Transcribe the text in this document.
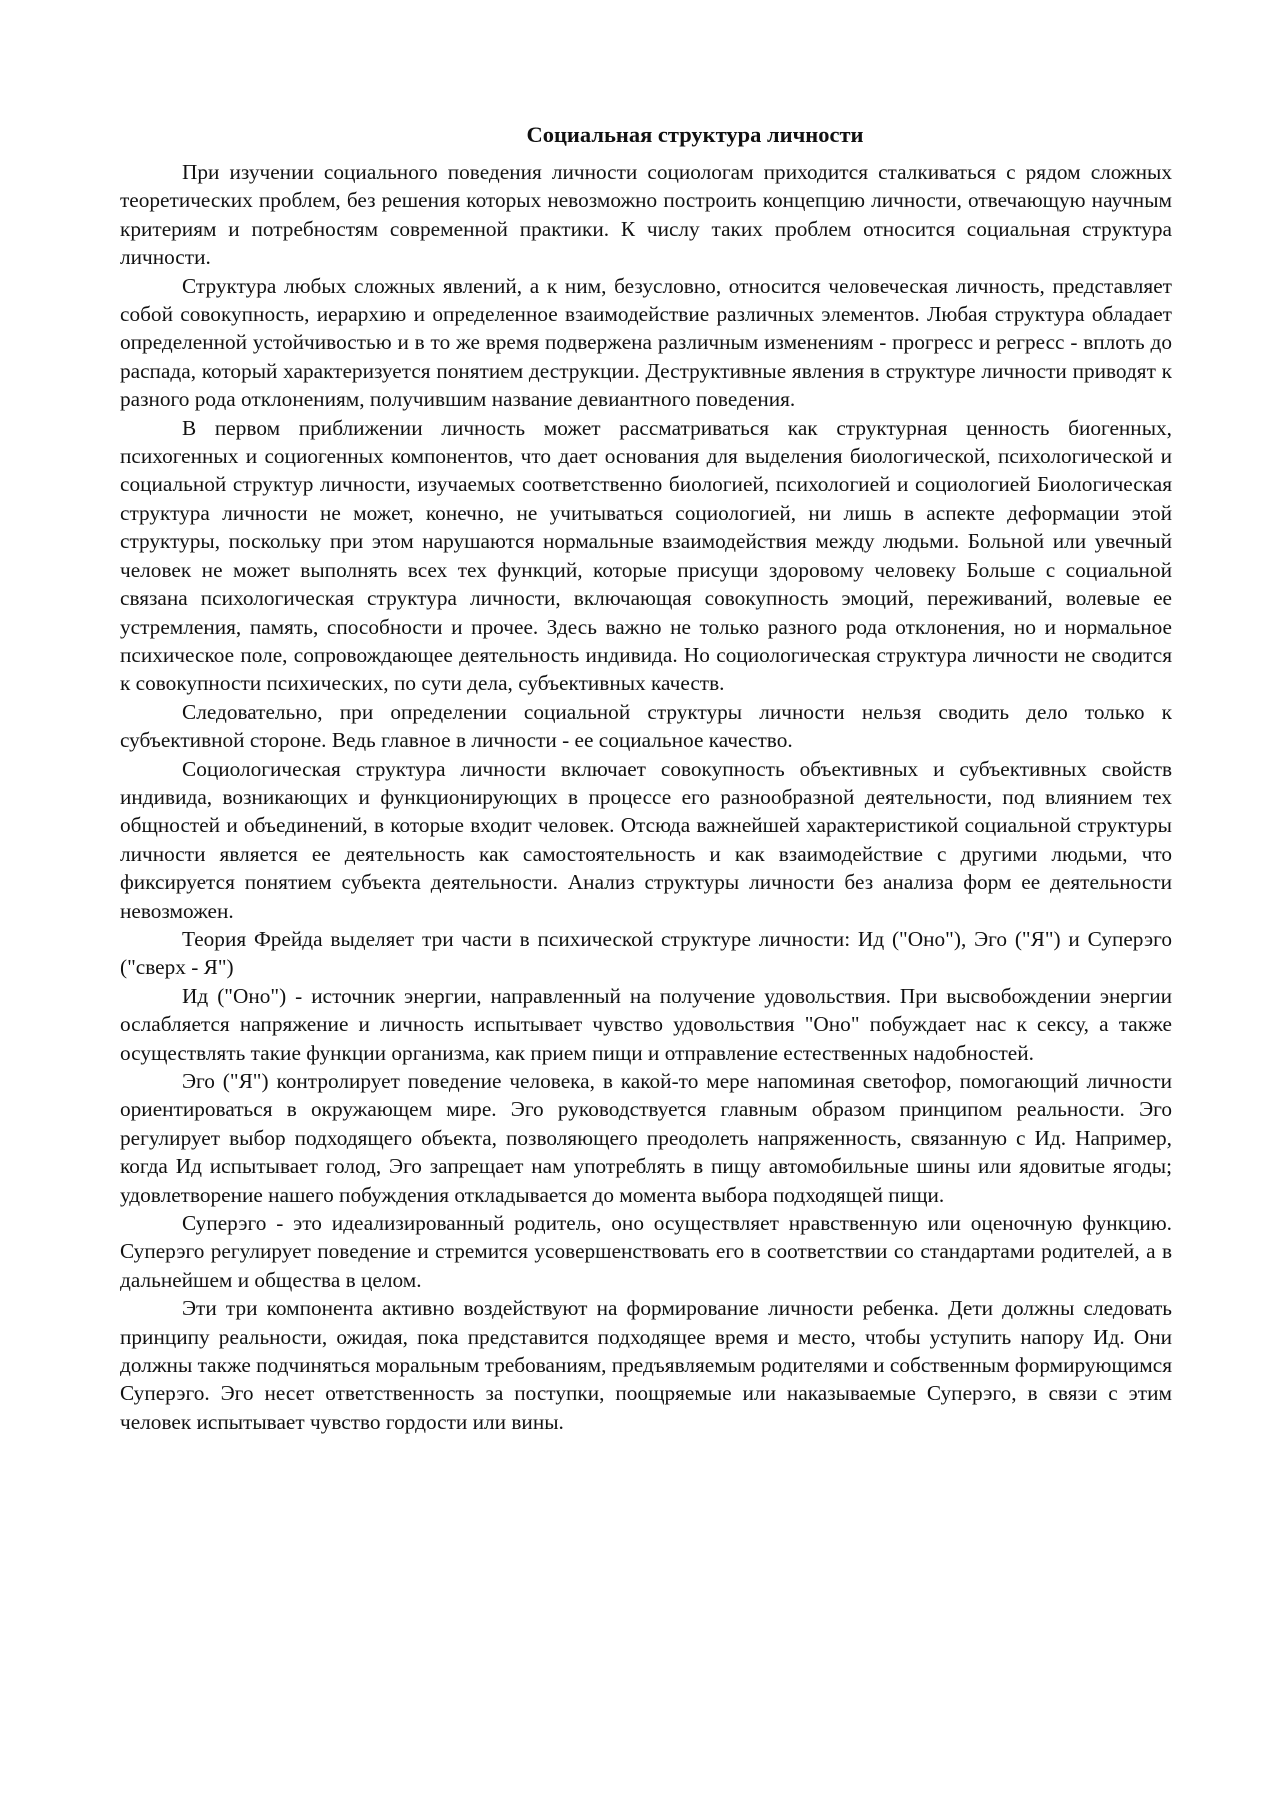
Социальная структура личности

При изучении социального поведения личности социологам приходится сталкиваться с рядом сложных теоретических проблем, без решения которых невозможно построить концепцию личности, отвечающую научным критериям и потребностям современной практики. К числу таких проблем относится социальная структура личности.

Структура любых сложных явлений, а к ним, безусловно, относится человеческая личность, представляет собой совокупность, иерархию и определенное взаимодействие различных элементов. Любая структура обладает определенной устойчивостью и в то же время подвержена различным изменениям - прогресс и регресс - вплоть до распада, который характеризуется понятием деструкции. Деструктивные явления в структуре личности приводят к разного рода отклонениям, получившим название девиантного поведения.

В первом приближении личность может рассматриваться как структурная ценность биогенных, психогенных и социогенных компонентов, что дает основания для выделения биологической, психологической и социальной структур личности, изучаемых соответственно биологией, психологией и социологией Биологическая структура личности не может, конечно, не учитываться социологией, ни лишь в аспекте деформации этой структуры, поскольку при этом нарушаются нормальные взаимодействия между людьми. Больной или увечный человек не может выполнять всех тех функций, которые присущи здоровому человеку Больше с социальной связана психологическая структура личности, включающая совокупность эмоций, переживаний, волевые ее устремления, память, способности и прочее. Здесь важно не только разного рода отклонения, но и нормальное психическое поле, сопровождающее деятельность индивида. Но социологическая структура личности не сводится к совокупности психических, по сути дела, субъективных качеств.

Следовательно, при определении социальной структуры личности нельзя сводить дело только к субъективной стороне. Ведь главное в личности - ее социальное качество.

Социологическая структура личности включает совокупность объективных и субъективных свойств индивида, возникающих и функционирующих в процессе его разнообразной деятельности, под влиянием тех общностей и объединений, в которые входит человек. Отсюда важнейшей характеристикой социальной структуры личности является ее деятельность как самостоятельность и как взаимодействие с другими людьми, что фиксируется понятием субъекта деятельности. Анализ структуры личности без анализа форм ее деятельности невозможен.

Теория Фрейда выделяет три части в психической структуре личности: Ид ("Оно"), Эго ("Я") и Суперэго ("сверх - Я")

Ид ("Оно") - источник энергии, направленный на получение удовольствия. При высвобождении энергии ослабляется напряжение и личность испытывает чувство удовольствия "Оно" побуждает нас к сексу, а также осуществлять такие функции организма, как прием пищи и отправление естественных надобностей.

Эго ("Я") контролирует поведение человека, в какой-то мере напоминая светофор, помогающий личности ориентироваться в окружающем мире. Эго руководствуется главным образом принципом реальности. Эго регулирует выбор подходящего объекта, позволяющего преодолеть напряженность, связанную с Ид. Например, когда Ид испытывает голод, Эго запрещает нам употреблять в пищу автомобильные шины или ядовитые ягоды; удовлетворение нашего побуждения откладывается до момента выбора подходящей пищи.

Суперэго - это идеализированный родитель, оно осуществляет нравственную или оценочную функцию. Суперэго регулирует поведение и стремится усовершенствовать его в соответствии со стандартами родителей, а в дальнейшем и общества в целом.

Эти три компонента активно воздействуют на формирование личности ребенка. Дети должны следовать принципу реальности, ожидая, пока представится подходящее время и место, чтобы уступить напору Ид. Они должны также подчиняться моральным требованиям, предъявляемым родителями и собственным формирующимся Суперэго. Эго несет ответственность за поступки, поощряемые или наказываемые Суперэго, в связи с этим человек испытывает чувство гордости или вины.
